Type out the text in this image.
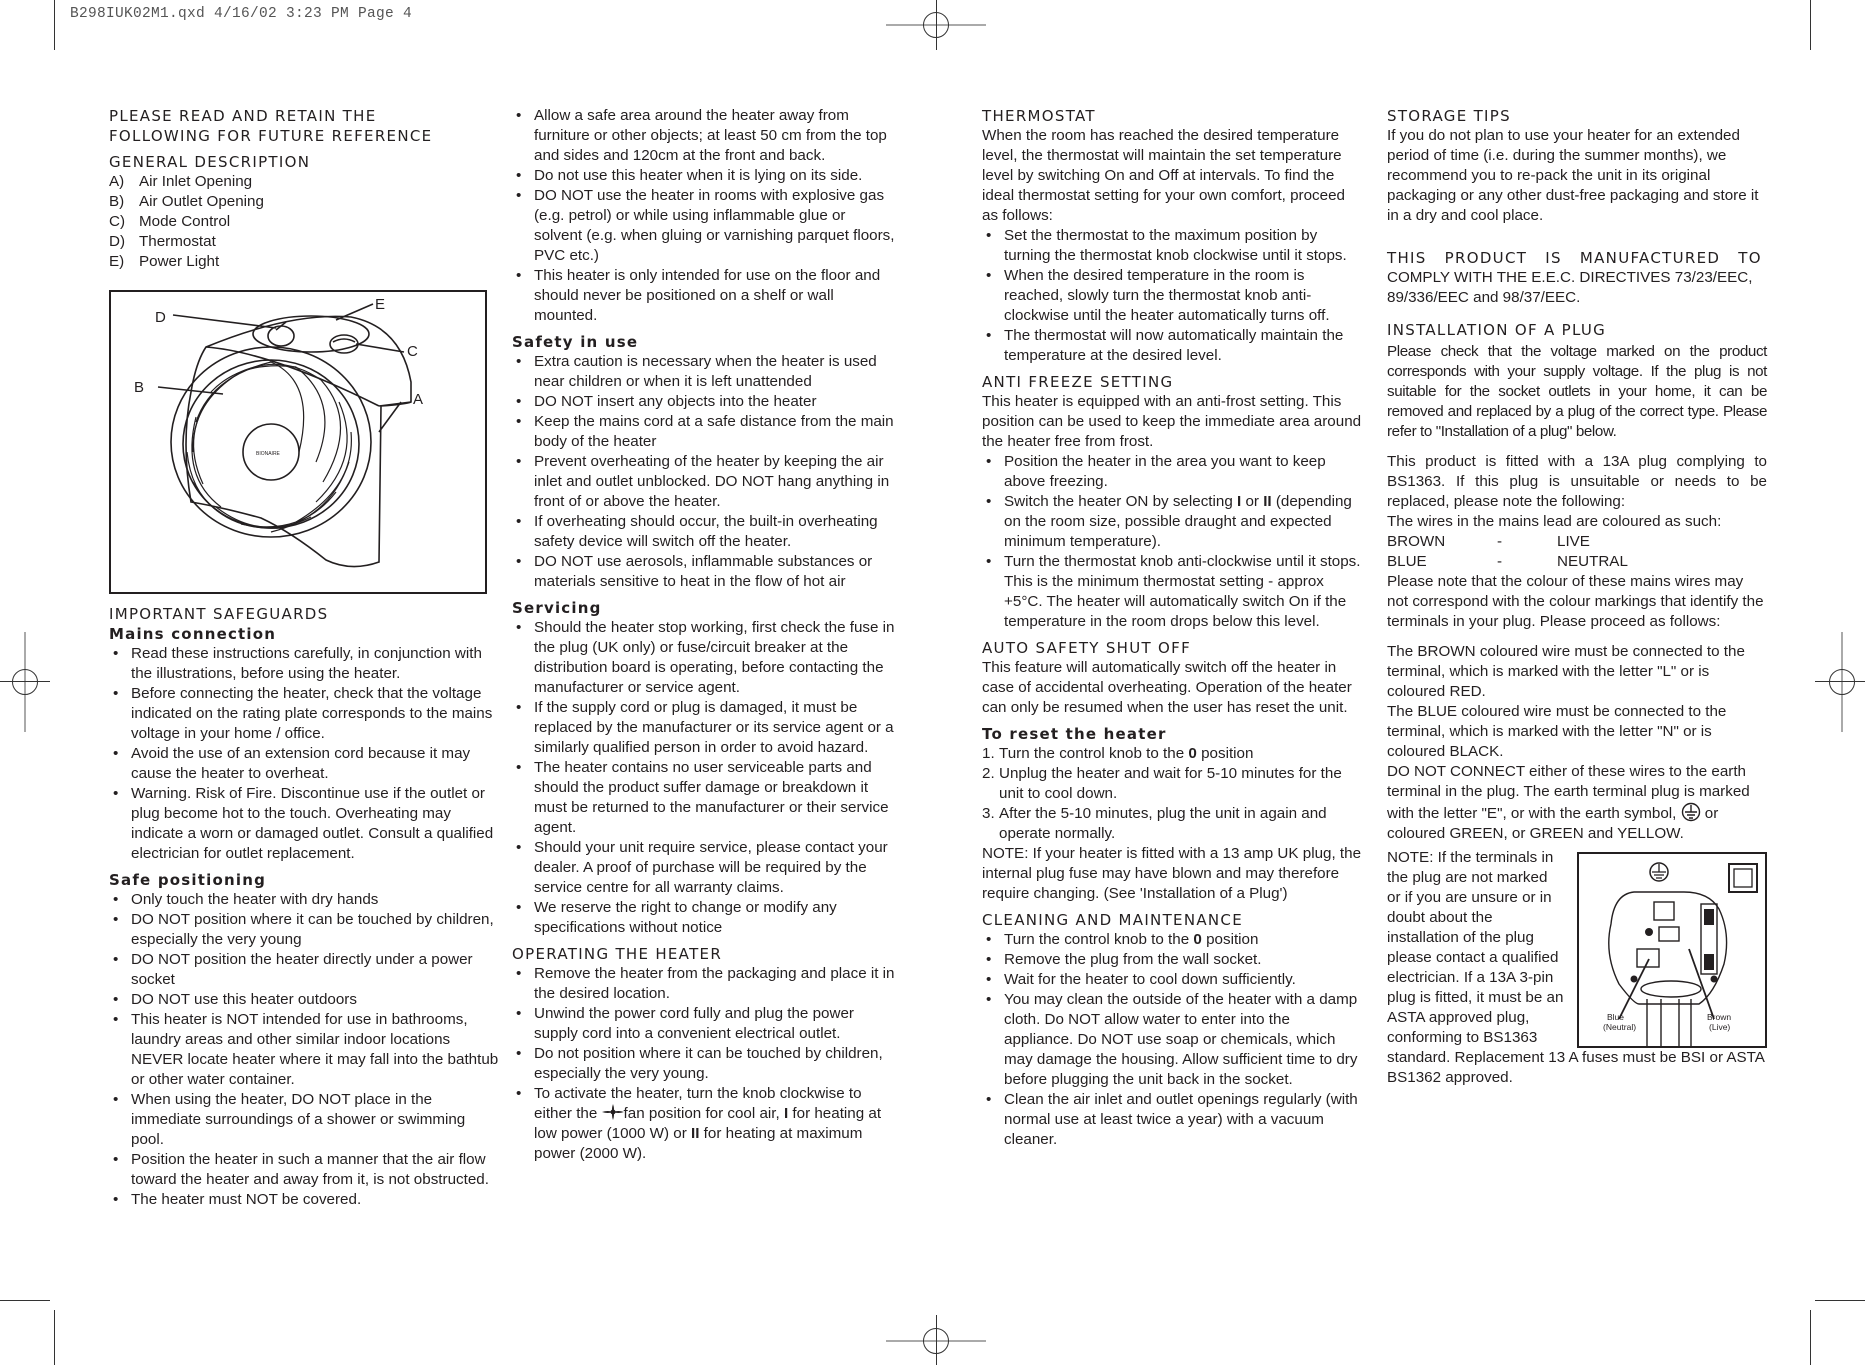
B298IUK02M1.qxd 4/16/02 3:23 PM Page 4
PLEASE READ AND RETAIN THE
FOLLOWING FOR FUTURE REFERENCE
GENERAL DESCRIPTION
A) Air Inlet Opening
B) Air Outlet Opening
C) Mode Control
D) Thermostat
E) Power Light
D
E
C
B
A
BIONAIRE
IMPORTANT SAFEGUARDS
Mains connection
• Read these instructions carefully, in conjunction with the illustrations, before using the heater.
• Before connecting the heater, check that the voltage indicated on the rating plate corresponds to the mains voltage in your home / office.
• Avoid the use of an extension cord because it may cause the heater to overheat.
• Warning. Risk of Fire. Discontinue use if the outlet or plug become hot to the touch. Overheating may indicate a worn or damaged outlet. Consult a qualified electrician for outlet replacement.
Safe positioning
• Only touch the heater with dry hands
• DO NOT position where it can be touched by children, especially the very young
• DO NOT position the heater directly under a power socket
• DO NOT use this heater outdoors
• This heater is NOT intended for use in bathrooms, laundry areas and other similar indoor locations NEVER locate heater where it may fall into the bathtub or other water container.
• When using the heater, DO NOT place in the immediate surroundings of a shower or swimming pool.
• Position the heater in such a manner that the air flow toward the heater and away from it, is not obstructed.
• The heater must NOT be covered.
• Allow a safe area around the heater away from furniture or other objects; at least 50 cm from the top and sides and 120cm at the front and back.
• Do not use this heater when it is lying on its side.
• DO NOT use the heater in rooms with explosive gas (e.g. petrol) or while using inflammable glue or solvent (e.g. when gluing or varnishing parquet floors, PVC etc.)
• This heater is only intended for use on the floor and should never be positioned on a shelf or wall mounted.
Safety in use
• Extra caution is necessary when the heater is used near children or when it is left unattended
• DO NOT insert any objects into the heater
• Keep the mains cord at a safe distance from the main body of the heater
• Prevent overheating of the heater by keeping the air inlet and outlet unblocked. DO NOT hang anything in front of or above the heater.
• If overheating should occur, the built-in overheating safety device will switch off the heater.
• DO NOT use aerosols, inflammable substances or materials sensitive to heat in the flow of hot air
Servicing
• Should the heater stop working, first check the fuse in the plug (UK only) or fuse/circuit breaker at the distribution board is operating, before contacting the manufacturer or service agent.
• If the supply cord or plug is damaged, it must be replaced by the manufacturer or its service agent or a similarly qualified person in order to avoid hazard.
• The heater contains no user serviceable parts and should the product suffer damage or breakdown it must be returned to the manufacturer or their service agent.
• Should your unit require service, please contact your dealer. A proof of purchase will be required by the service centre for all warranty claims.
• We reserve the right to change or modify any specifications without notice
OPERATING THE HEATER
• Remove the heater from the packaging and place it in the desired location.
• Unwind the power cord fully and plug the power supply cord into a convenient electrical outlet.
• Do not position where it can be touched by children, especially the very young.
• To activate the heater, turn the knob clockwise to either the fan position for cool air, I for heating at low power (1000 W) or II for heating at maximum power (2000 W).
THERMOSTAT

When the room has reached the desired temperature level, the thermostat will maintain the set temperature level by switching On and Off at intervals. To find the ideal thermostat setting for your own comfort, proceed as follows:

• Set the thermostat to the maximum position by turning the thermostat knob clockwise until it stops.
• When the desired temperature in the room is reached, slowly turn the thermostat knob anti-clockwise until the heater automatically turns off.
• The thermostat will now automatically maintain the temperature at the desired level.
ANTI FREEZE SETTING

This heater is equipped with an anti-frost setting. This position can be used to keep the immediate area around the heater free from frost.

• Position the heater in the area you want to keep above freezing.
• Switch the heater ON by selecting I or II (depending on the room size, possible draught and expected minimum temperature).
• Turn the thermostat knob anti-clockwise until it stops. This is the minimum thermostat setting - approx +5°C. The heater will automatically switch On if the temperature in the room drops below this level.
AUTO SAFETY SHUT OFF

This feature will automatically switch off the heater in case of accidental overheating. Operation of the heater can only be resumed when the user has reset the unit.

To reset the heater
1. Turn the control knob to the 0 position
2. Unplug the heater and wait for 5-10 minutes for the unit to cool down.
3. After the 5-10 minutes, plug the unit in again and operate normally.

NOTE: If your heater is fitted with a 13 amp UK plug, the internal plug fuse may have blown and may therefore require changing. (See 'Installation of a Plug')

CLEANING AND MAINTENANCE
• Turn the control knob to the 0 position
• Remove the plug from the wall socket.
• Wait for the heater to cool down sufficiently.
• You may clean the outside of the heater with a damp cloth. Do NOT allow water to enter into the appliance. Do NOT use soap or chemicals, which may damage the housing. Allow sufficient time to dry before plugging the unit back in the socket.
• Clean the air inlet and outlet openings regularly (with normal use at least twice a year) with a vacuum cleaner.
STORAGE TIPS

If you do not plan to use your heater for an extended period of time (i.e. during the summer months), we recommend you to re-pack the unit in its original packaging or any other dust-free packaging and store it in a dry and cool place.

THIS PRODUCT IS MANUFACTURED TO

COMPLY WITH THE E.E.C. DIRECTIVES 73/23/EEC, 89/336/EEC and 98/37/EEC.

INSTALLATION OF A PLUG

Please check that the voltage marked on the product corresponds with your supply voltage. If the plug is not suitable for the socket outlets in your home, it can be removed and replaced by a plug of the correct type. Please refer to "Installation of a plug" below.

This product is fitted with a 13A plug complying to BS1363. If this plug is unsuitable or needs to be replaced, please note the following:

The wires in the mains lead are coloured as such:

BROWN	-	LIVE
BLUE	-	NEUTRAL

Please note that the colour of these mains wires may not correspond with the colour markings that identify the terminals in your plug. Please proceed as follows:

The BROWN coloured wire must be connected to the terminal, which is marked with the letter "L" or is coloured RED.

The BLUE coloured wire must be connected to the terminal, which is marked with the letter "N" or is coloured BLACK.

DO NOT CONNECT either of these wires to the earth terminal in the plug. The earth terminal plug is marked with the letter "E", or with the earth symbol,  or coloured GREEN, or GREEN and YELLOW.

Blue
(Neutral)
Brown
(Live)

NOTE: If the terminals in the plug are not marked or if you are unsure or in doubt about the installation of the plug please contact a qualified electrician. If a 13A 3-pin plug is fitted, it must be an ASTA approved plug, conforming to BS1363 standard. Replacement 13 A fuses must be BSI or ASTA BS1362 approved.
